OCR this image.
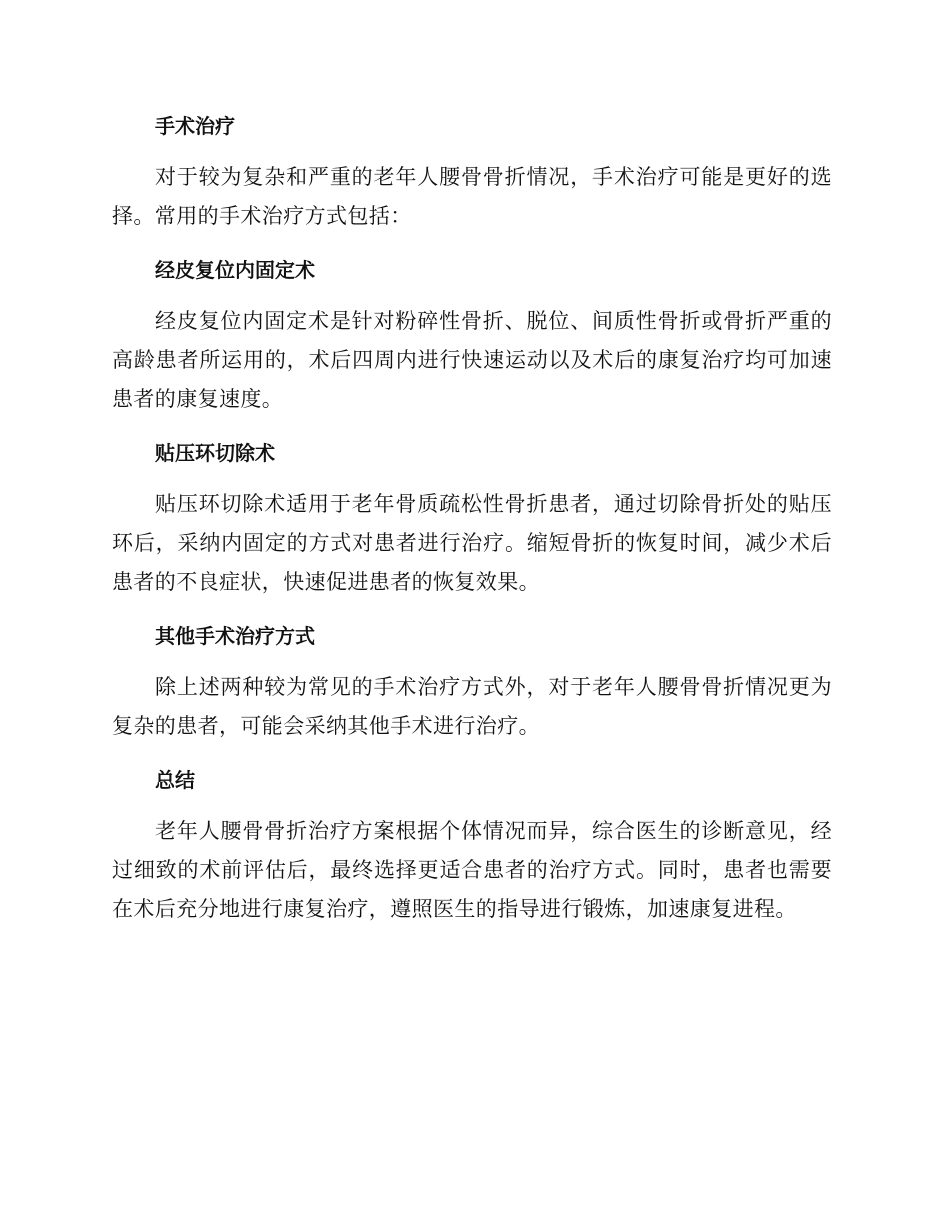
手术治疗

对于较为复杂和严重的老年人腰骨骨折情况，手术治疗可能是更好的选择。常用的手术治疗方式包括：

经皮复位内固定术

经皮复位内固定术是针对粉碎性骨折、脱位、间质性骨折或骨折严重的高龄患者所运用的，术后四周内进行快速运动以及术后的康复治疗均可加速患者的康复速度。

贴压环切除术

贴压环切除术适用于老年骨质疏松性骨折患者，通过切除骨折处的贴压环后，采纳内固定的方式对患者进行治疗。缩短骨折的恢复时间，减少术后患者的不良症状，快速促进患者的恢复效果。

其他手术治疗方式

除上述两种较为常见的手术治疗方式外，对于老年人腰骨骨折情况更为复杂的患者，可能会采纳其他手术进行治疗。

总结

老年人腰骨骨折治疗方案根据个体情况而异，综合医生的诊断意见，经过细致的术前评估后，最终选择更适合患者的治疗方式。同时，患者也需要在术后充分地进行康复治疗，遵照医生的指导进行锻炼，加速康复进程。
